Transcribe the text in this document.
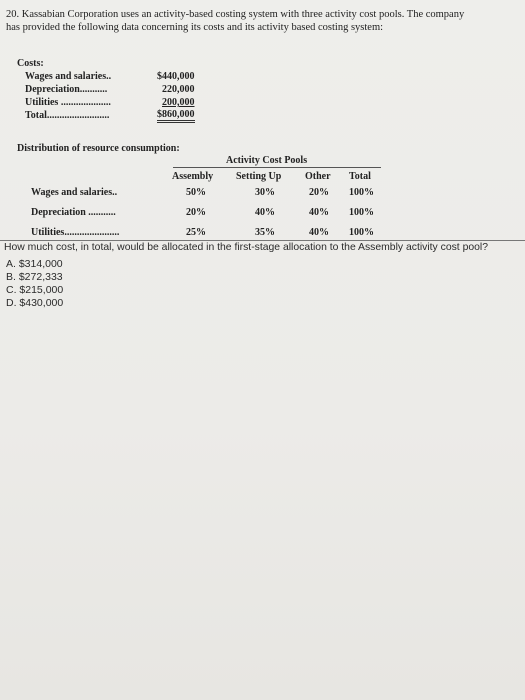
20. Kassabian Corporation uses an activity-based costing system with three activity cost pools. The company
has provided the following data concerning its costs and its activity based costing system:
Costs:
Wages and salaries..	$440,000
Depreciation...........	220,000
Utilities ....................	200,000
Total.........................	$860,000
Distribution of resource consumption:
Activity Cost Pools
Assembly Setting Up Other Total
Wages and salaries..	50%	30%	20% 100%
Depreciation ...........	20%	40%	40% 100%
Utilities......................	25%	35%	40% 100%
How much cost, in total, would be allocated in the first-stage allocation to the Assembly activity cost pool?
A. $314,000
B. $272,333
C. $215,000
D. $430,000
